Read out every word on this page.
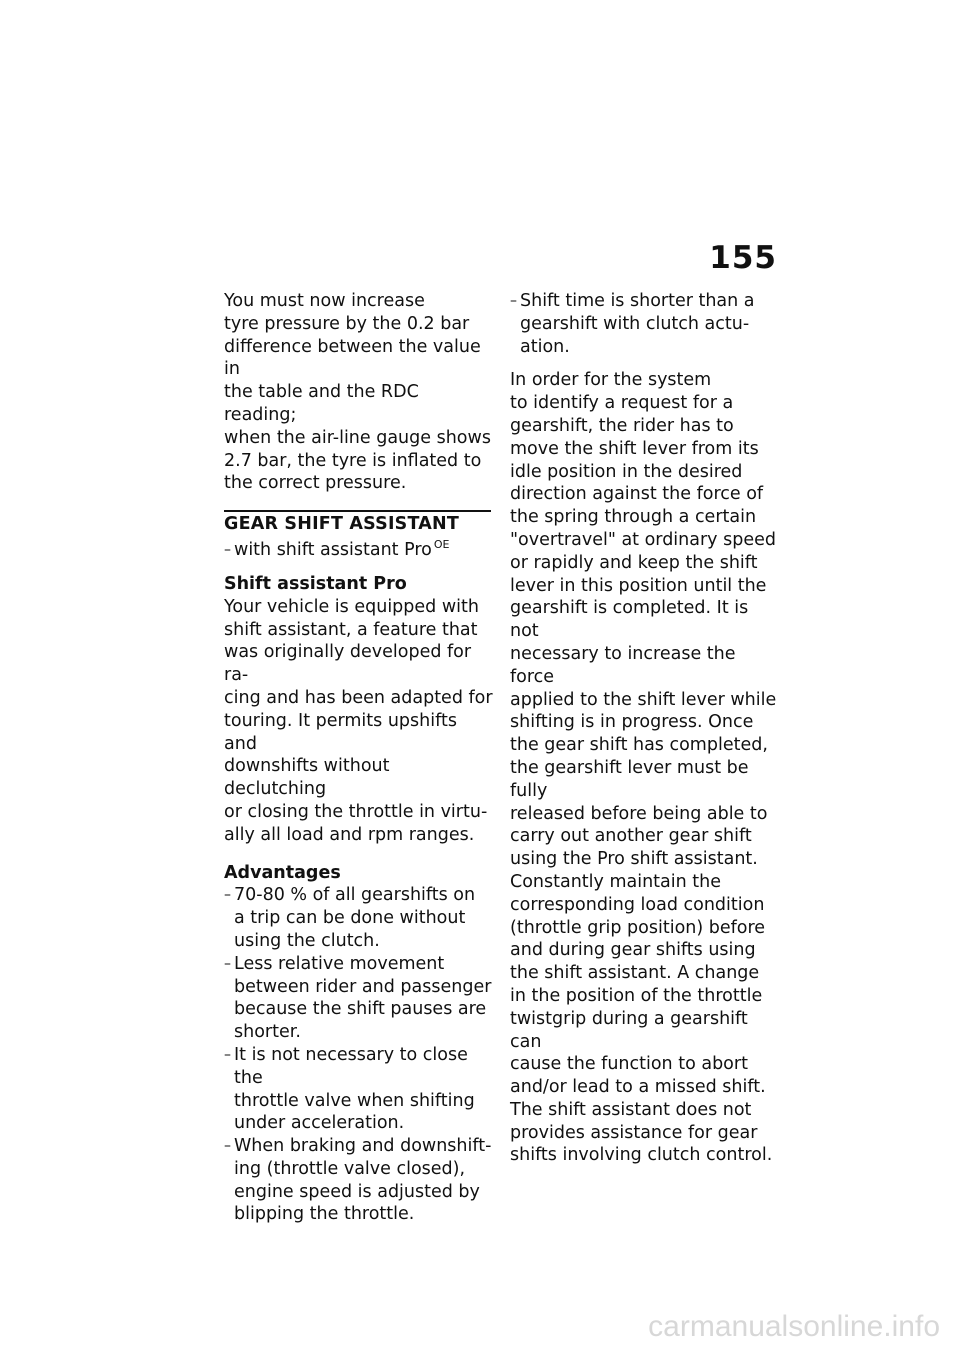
155

You must now increase
tyre pressure by the 0.2 bar
difference between the value in
the table and the RDC reading;
when the air-line gauge shows
2.7 bar, the tyre is inflated to
the correct pressure.

GEAR SHIFT ASSISTANT
– with shift assistant Pro $^{OE}$

Shift assistant Pro

Your vehicle is equipped with
shift assistant, a feature that
was originally developed for ra-
cing and has been adapted for
touring. It permits upshifts and
downshifts without declutching
or closing the throttle in virtu-
ally all load and rpm ranges.

Advantages

– 70-80 % of all gearshifts on
a trip can be done without
using the clutch.
– Less relative movement
between rider and passenger
because the shift pauses are
shorter.
– It is not necessary to close the
throttle valve when shifting
under acceleration.
– When braking and downshift-
ing (throttle valve closed),
engine speed is adjusted by
blipping the throttle.
– Shift time is shorter than a
gearshift with clutch actu-
ation.

In order for the system
to identify a request for a
gearshift, the rider has to
move the shift lever from its
idle position in the desired
direction against the force of
the spring through a certain
"overtravel" at ordinary speed
or rapidly and keep the shift
lever in this position until the
gearshift is completed. It is not
necessary to increase the force
applied to the shift lever while
shifting is in progress. Once
the gear shift has completed,
the gearshift lever must be fully
released before being able to
carry out another gear shift
using the Pro shift assistant.
Constantly maintain the
corresponding load condition
(throttle grip position) before
and during gear shifts using
the shift assistant. A change
in the position of the throttle
twistgrip during a gearshift can
cause the function to abort
and/or lead to a missed shift.
The shift assistant does not
provides assistance for gear
shifts involving clutch control.

carmanualsonline.info
